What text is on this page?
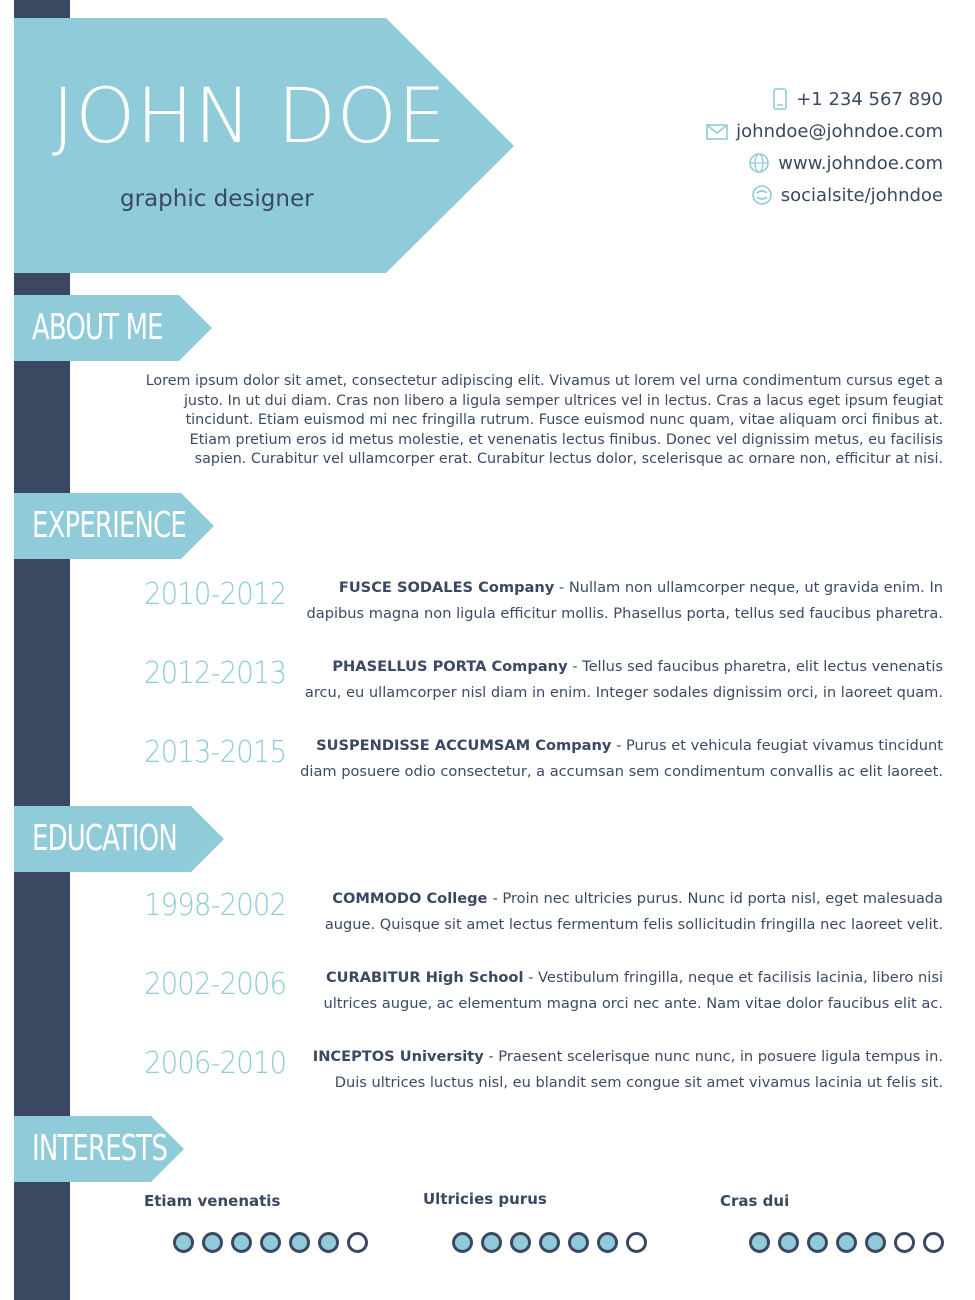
JOHN DOE
graphic designer
+1 234 567 890
johndoe@johndoe.com
www.johndoe.com
socialsite/johndoe
ABOUT ME
Lorem ipsum dolor sit amet, consectetur adipiscing elit. Vivamus ut lorem vel urna condimentum cursus eget a justo. In ut dui diam. Cras non libero a ligula semper ultrices vel in lectus. Cras a lacus eget ipsum feugiat tincidunt. Etiam euismod mi nec fringilla rutrum. Fusce euismod nunc quam, vitae aliquam orci finibus at. Etiam pretium eros id metus molestie, et venenatis lectus finibus. Donec vel dignissim metus, eu facilisis sapien. Curabitur vel ullamcorper erat. Curabitur lectus dolor, scelerisque ac ornare non, efficitur at nisi.
EXPERIENCE
2010-2012	FUSCE SODALES Company - Nullam non ullamcorper neque, ut gravida enim. In dapibus magna non ligula efficitur mollis. Phasellus porta, tellus sed faucibus pharetra.
2012-2013	PHASELLUS PORTA Company - Tellus sed faucibus pharetra, elit lectus venenatis arcu, eu ullamcorper nisl diam in enim. Integer sodales dignissim orci, in laoreet quam.
2013-2015	SUSPENDISSE ACCUMSAM Company - Purus et vehicula feugiat vivamus tincidunt diam posuere odio consectetur, a accumsan sem condimentum convallis ac elit laoreet.
EDUCATION
1998-2002	COMMODO College - Proin nec ultricies purus. Nunc id porta nisl, eget malesuada augue. Quisque sit amet lectus fermentum felis sollicitudin fringilla nec laoreet velit.
2002-2006	CURABITUR High School - Vestibulum fringilla, neque et facilisis lacinia, libero nisi ultrices augue, ac elementum magna orci nec ante. Nam vitae dolor faucibus elit ac.
2006-2010	INCEPTOS University - Praesent scelerisque nunc nunc, in posuere ligula tempus in. Duis ultrices luctus nisl, eu blandit sem congue sit amet vivamus lacinia ut felis sit.
INTERESTS
Etiam venenatis	Ultricies purus	Cras dui
